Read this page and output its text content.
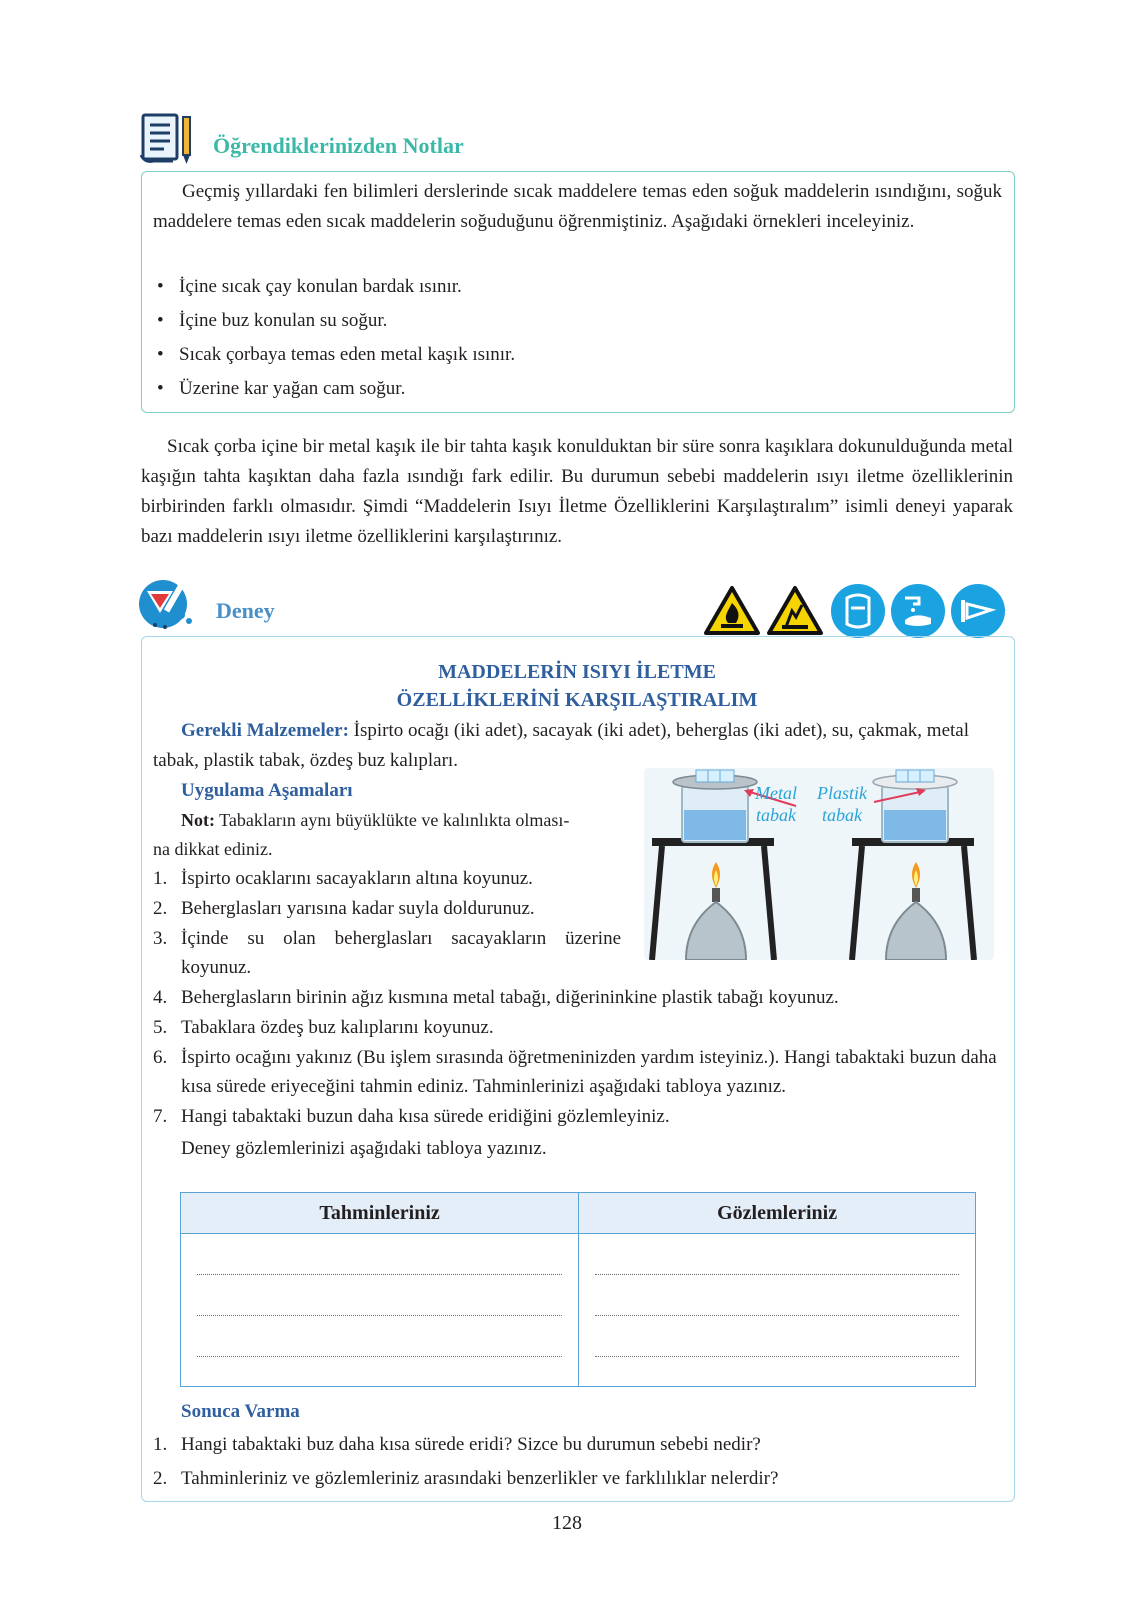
Öğrendiklerinizden Notlar
Geçmiş yıllardaki fen bilimleri derslerinde sıcak maddelere temas eden soğuk maddelerin ısındığını, soğuk maddelere temas eden sıcak maddelerin soğuduğunu öğrenmiştiniz. Aşağıdaki örnekleri inceleyiniz.
• İçine sıcak çay konulan bardak ısınır.
• İçine buz konulan su soğur.
• Sıcak çorbaya temas eden metal kaşık ısınır.
• Üzerine kar yağan cam soğur.
Sıcak çorba içine bir metal kaşık ile bir tahta kaşık konulduktan bir süre sonra kaşıklara dokunulduğunda metal kaşığın tahta kaşıktan daha fazla ısındığı fark edilir. Bu durumun sebebi maddelerin ısıyı iletme özelliklerinin birbirinden farklı olmasıdır. Şimdi “Maddelerin Isıyı İletme Özelliklerini Karşılaştıralım” isimli deneyi yaparak bazı maddelerin ısıyı iletme özelliklerini karşılaştırınız.
Deney
MADDELERİN ISIYI İLETME
ÖZELLİKLERİNİ KARŞILAŞTIRALIM
Gerekli Malzemeler: İspirto ocağı (iki adet), sacayak (iki adet), beherglas (iki adet), su, çakmak, metal tabak, plastik tabak, özdeş buz kalıpları.
Uygulama Aşamaları
Not: Tabakların aynı büyüklükte ve kalınlıkta olması-
na dikkat ediniz.
1. İspirto ocaklarını sacayakların altına koyunuz.
2. Beherglasları yarısına kadar suyla doldurunuz.
3. İçinde su olan beherglasları sacayakların üzerine koyunuz.
4. Beherglasların birinin ağız kısmına metal tabağı, diğerininkine plastik tabağı koyunuz.
5. Tabaklara özdeş buz kalıplarını koyunuz.
6. İspirto ocağını yakınız (Bu işlem sırasında öğretmeninizden yardım isteyiniz.). Hangi tabaktaki buzun daha kısa sürede eriyeceğini tahmin ediniz. Tahminlerinizi aşağıdaki tabloya yazınız.
7. Hangi tabaktaki buzun daha kısa sürede eridiğini gözlemleyiniz.
Deney gözlemlerinizi aşağıdaki tabloya yazınız.
Metal
tabak
Plastik
tabak
Tahminleriniz	Gözlemleriniz

Sonuca Varma
1. Hangi tabaktaki buz daha kısa sürede eridi? Sizce bu durumun sebebi nedir?
2. Tahminleriniz ve gözlemleriniz arasındaki benzerlikler ve farklılıklar nelerdir?
128
